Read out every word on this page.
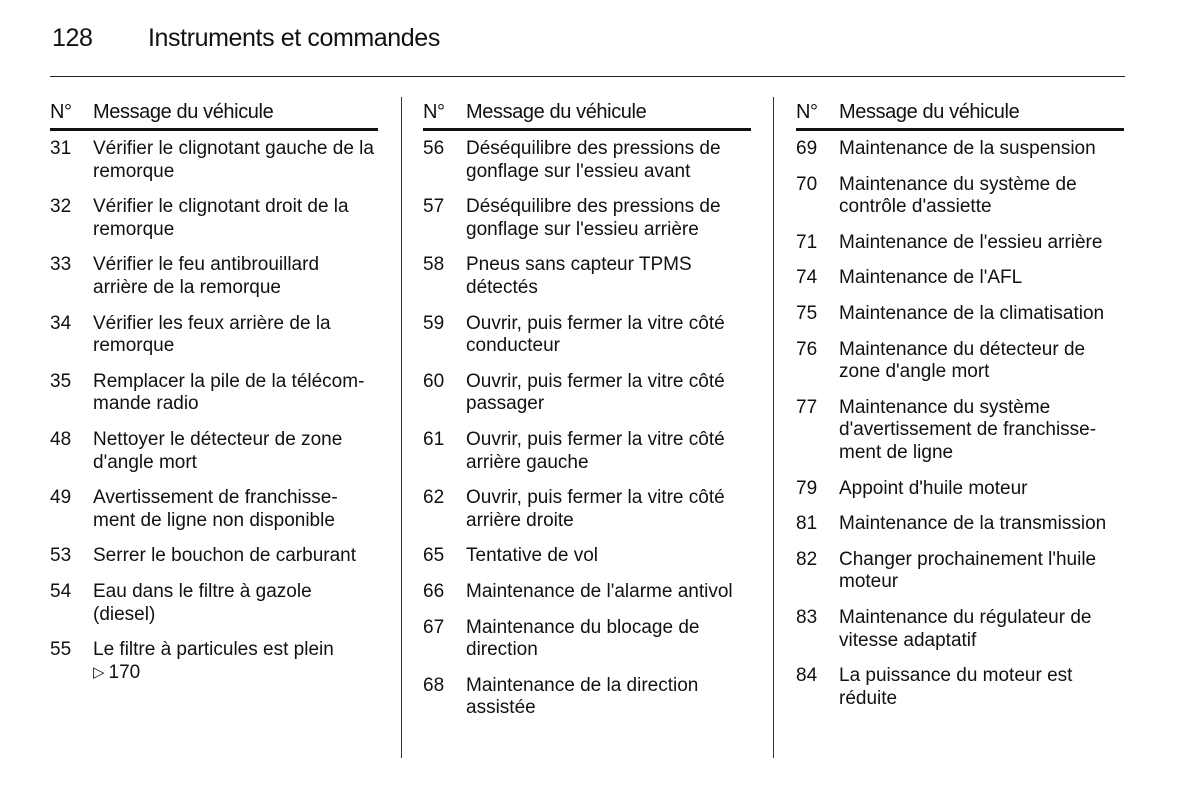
128	Instruments et commandes
N°	Message du véhicule
31	Vérifier le clignotant gauche de la remorque
32	Vérifier le clignotant droit de la remorque
33	Vérifier le feu antibrouillard arrière de la remorque
34	Vérifier les feux arrière de la remorque
35	Remplacer la pile de la télécom-mande radio
48	Nettoyer le détecteur de zone d'angle mort
49	Avertissement de franchisse-ment de ligne non disponible
53	Serrer le bouchon de carburant
54	Eau dans le filtre à gazole (diesel)
55	Le filtre à particules est plein
▷ 170
N°	Message du véhicule
56	Déséquilibre des pressions de gonflage sur l'essieu avant
57	Déséquilibre des pressions de gonflage sur l'essieu arrière
58	Pneus sans capteur TPMS détectés
59	Ouvrir, puis fermer la vitre côté conducteur
60	Ouvrir, puis fermer la vitre côté passager
61	Ouvrir, puis fermer la vitre côté arrière gauche
62	Ouvrir, puis fermer la vitre côté arrière droite
65	Tentative de vol
66	Maintenance de l'alarme antivol
67	Maintenance du blocage de direction
68	Maintenance de la direction assistée
N°	Message du véhicule
69	Maintenance de la suspension
70	Maintenance du système de contrôle d'assiette
71	Maintenance de l'essieu arrière
74	Maintenance de l'AFL
75	Maintenance de la climatisation
76	Maintenance du détecteur de zone d'angle mort
77	Maintenance du système d'avertissement de franchisse-ment de ligne
79	Appoint d'huile moteur
81	Maintenance de la transmission
82	Changer prochainement l'huile moteur
83	Maintenance du régulateur de vitesse adaptatif
84	La puissance du moteur est réduite
